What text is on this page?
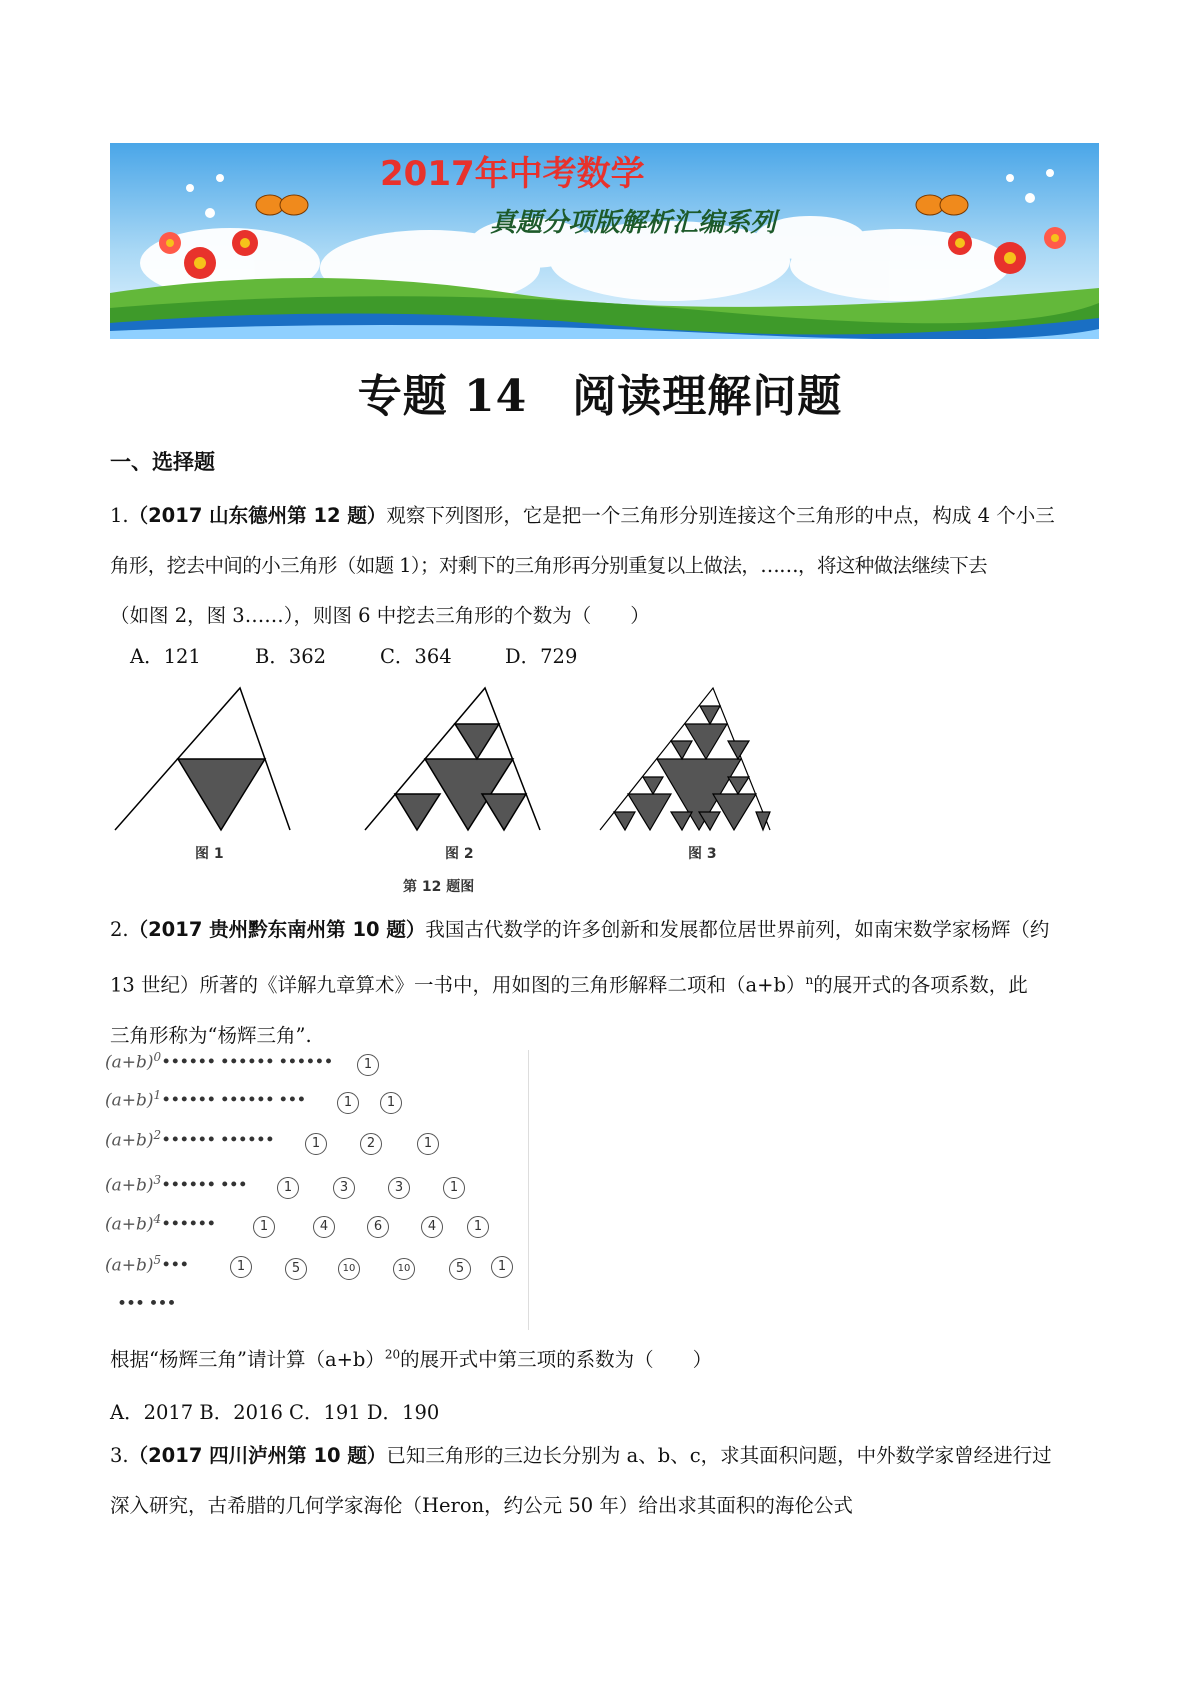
2017年中考数学
真题分项版解析汇编系列
专题 14　阅读理解问题
一、选择题
1.（2017 山东德州第 12 题）观察下列图形，它是把一个三角形分别连接这个三角形的中点，构成 4 个小三
角形，挖去中间的小三角形（如题 1）；对剩下的三角形再分别重复以上做法，……，将这种做法继续下去
（如图 2，图 3……），则图 6 中挖去三角形的个数为（　　）
A．121	B．362	C．364	D．729
图 1	图 2	图 3
第 12 题图
2.（2017 贵州黔东南州第 10 题）我国古代数学的许多创新和发展都位居世界前列，如南宋数学家杨辉（约
13 世纪）所著的《详解九章算术》一书中，用如图的三角形解释二项和$(a+b)^n$的展开式的各项系数，此
三角形称为“杨辉三角”.
$(a+b)^0••••••$ •••••• ••••••	1
$(a+b)^1••••••$ •••••• •••	1	1
$(a+b)^2••••••$ ••••••	1	2	1
$(a+b)^3••••••$ •••	1	3	3	1
$(a+b)^4••••••$	1	4	6	4	1
$(a+b)^5•••$	1	5	10	10	5	1
••• •••
根据“杨辉三角”请计算$(a+b)^{20}$的展开式中第三项的系数为（　　）
A．2017 B．2016 C．191 D．190
3.（2017 四川泸州第 10 题）已知三角形的三边长分别为 a、b、c，求其面积问题，中外数学家曾经进行过
深入研究，古希腊的几何学家海伦（Heron，约公元 50 年）给出求其面积的海伦公式
